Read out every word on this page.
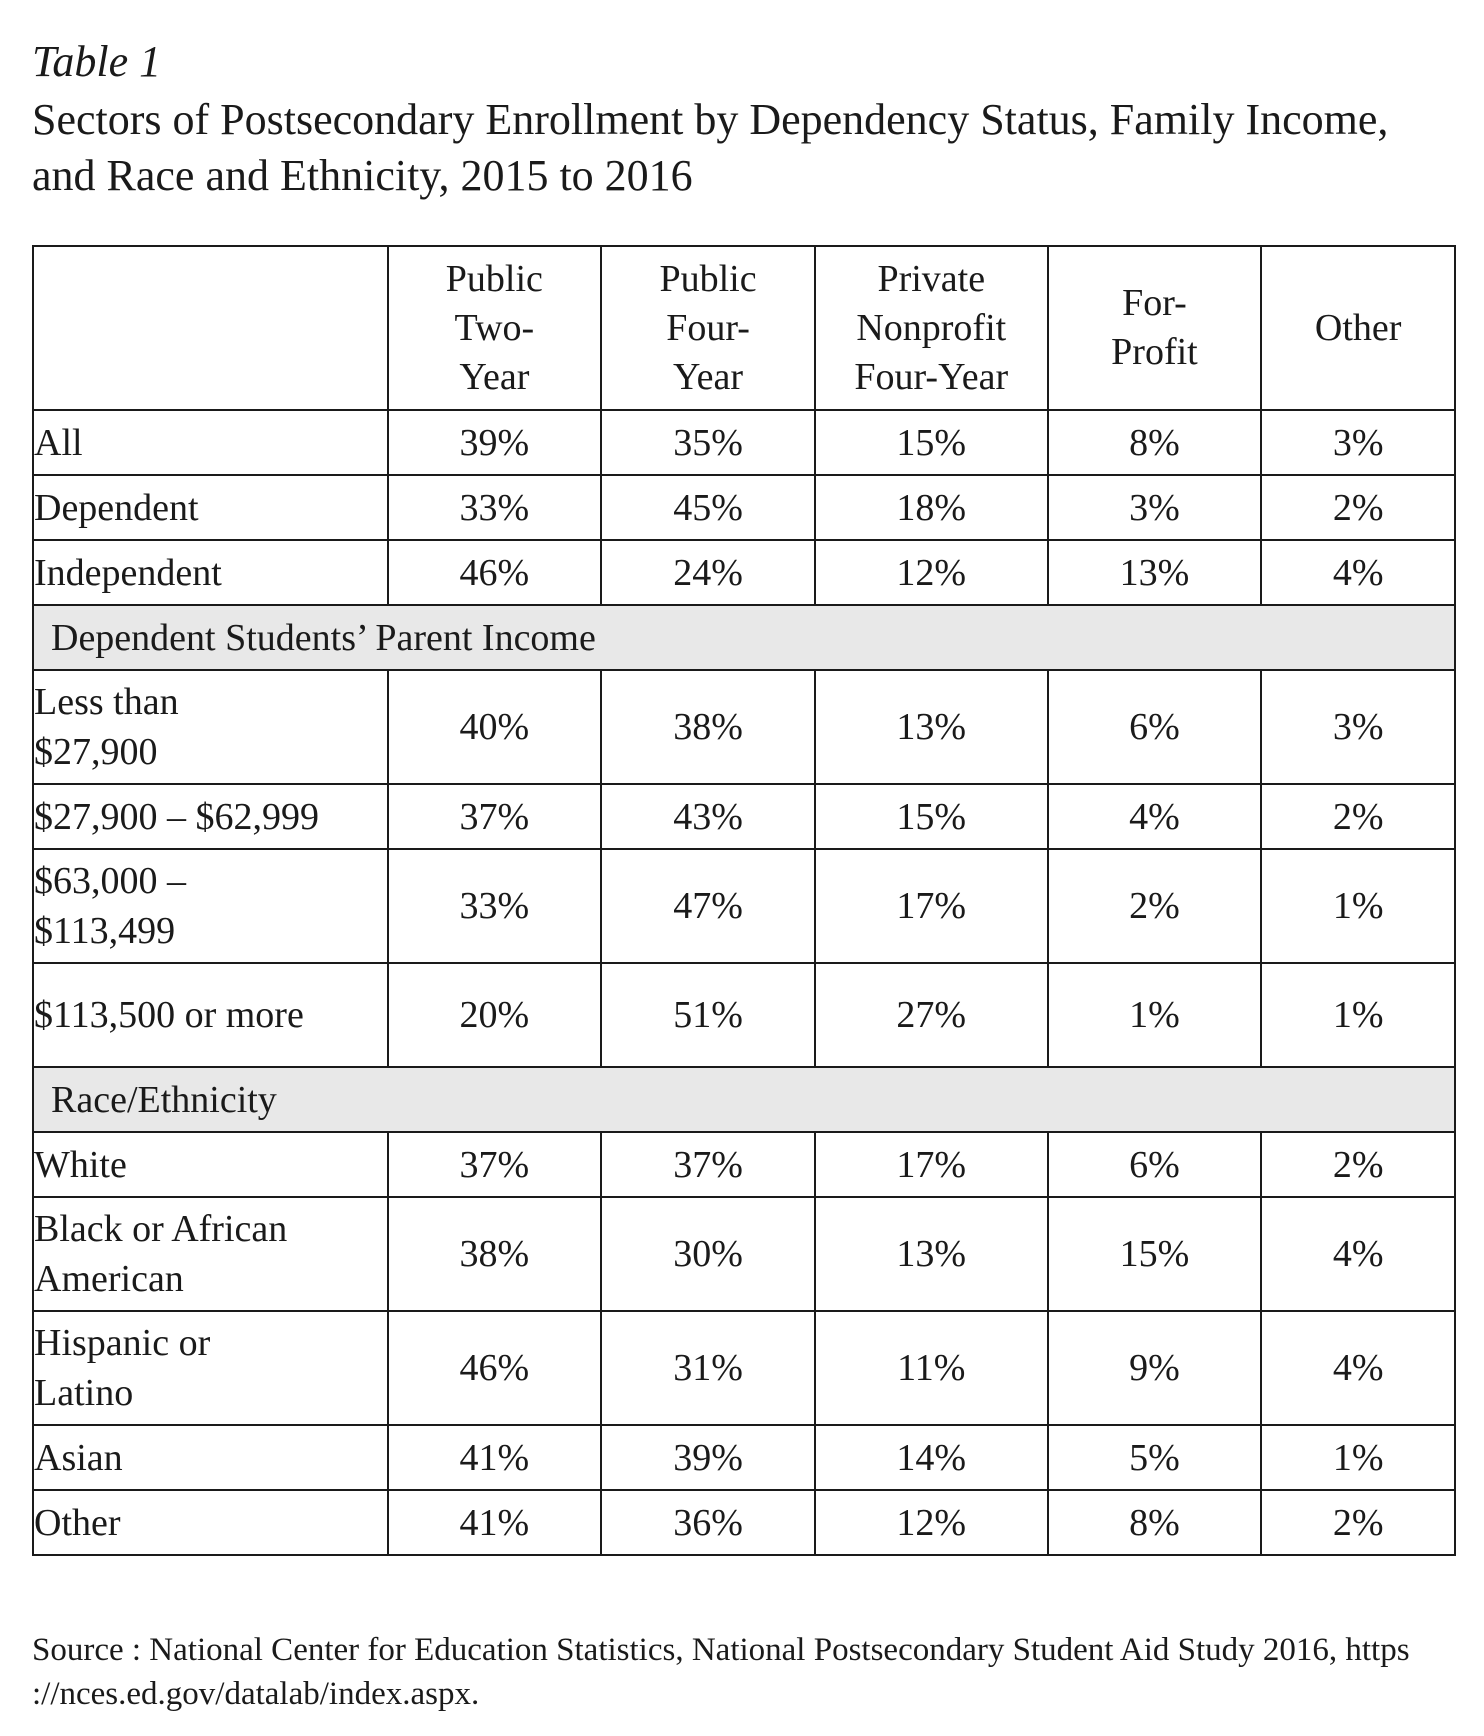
Table 1

Sectors of Postsecondary Enrollment by Dependency Status, Family Income, and Race and Ethnicity, 2015 to 2016
	Public
Two-
Year	Public
Four-
Year	Private
Nonprofit
Four-Year	For-
Profit	Other
All	39%	35%	15%	8%	3%
Dependent	33%	45%	18%	3%	2%
Independent	46%	24%	12%	13%	4%
Dependent Students’ Parent Income					
Less than
$27,900	40%	38%	13%	6%	3%
$27,900 – $62,999	37%	43%	15%	4%	2%
$63,000 –
$113,499	33%	47%	17%	2%	1%
$113,500 or more	20%	51%	27%	1%	1%
Race/Ethnicity					
White	37%	37%	17%	6%	2%
Black or African
American	38%	30%	13%	15%	4%
Hispanic or
Latino	46%	31%	11%	9%	4%
Asian	41%	39%	14%	5%	1%
Other	41%	36%	12%	8%	2%

Source : National Center for Education Statistics, National Postsecondary Student Aid Study 2016, https ://nces.ed.gov/datalab/index.aspx.
